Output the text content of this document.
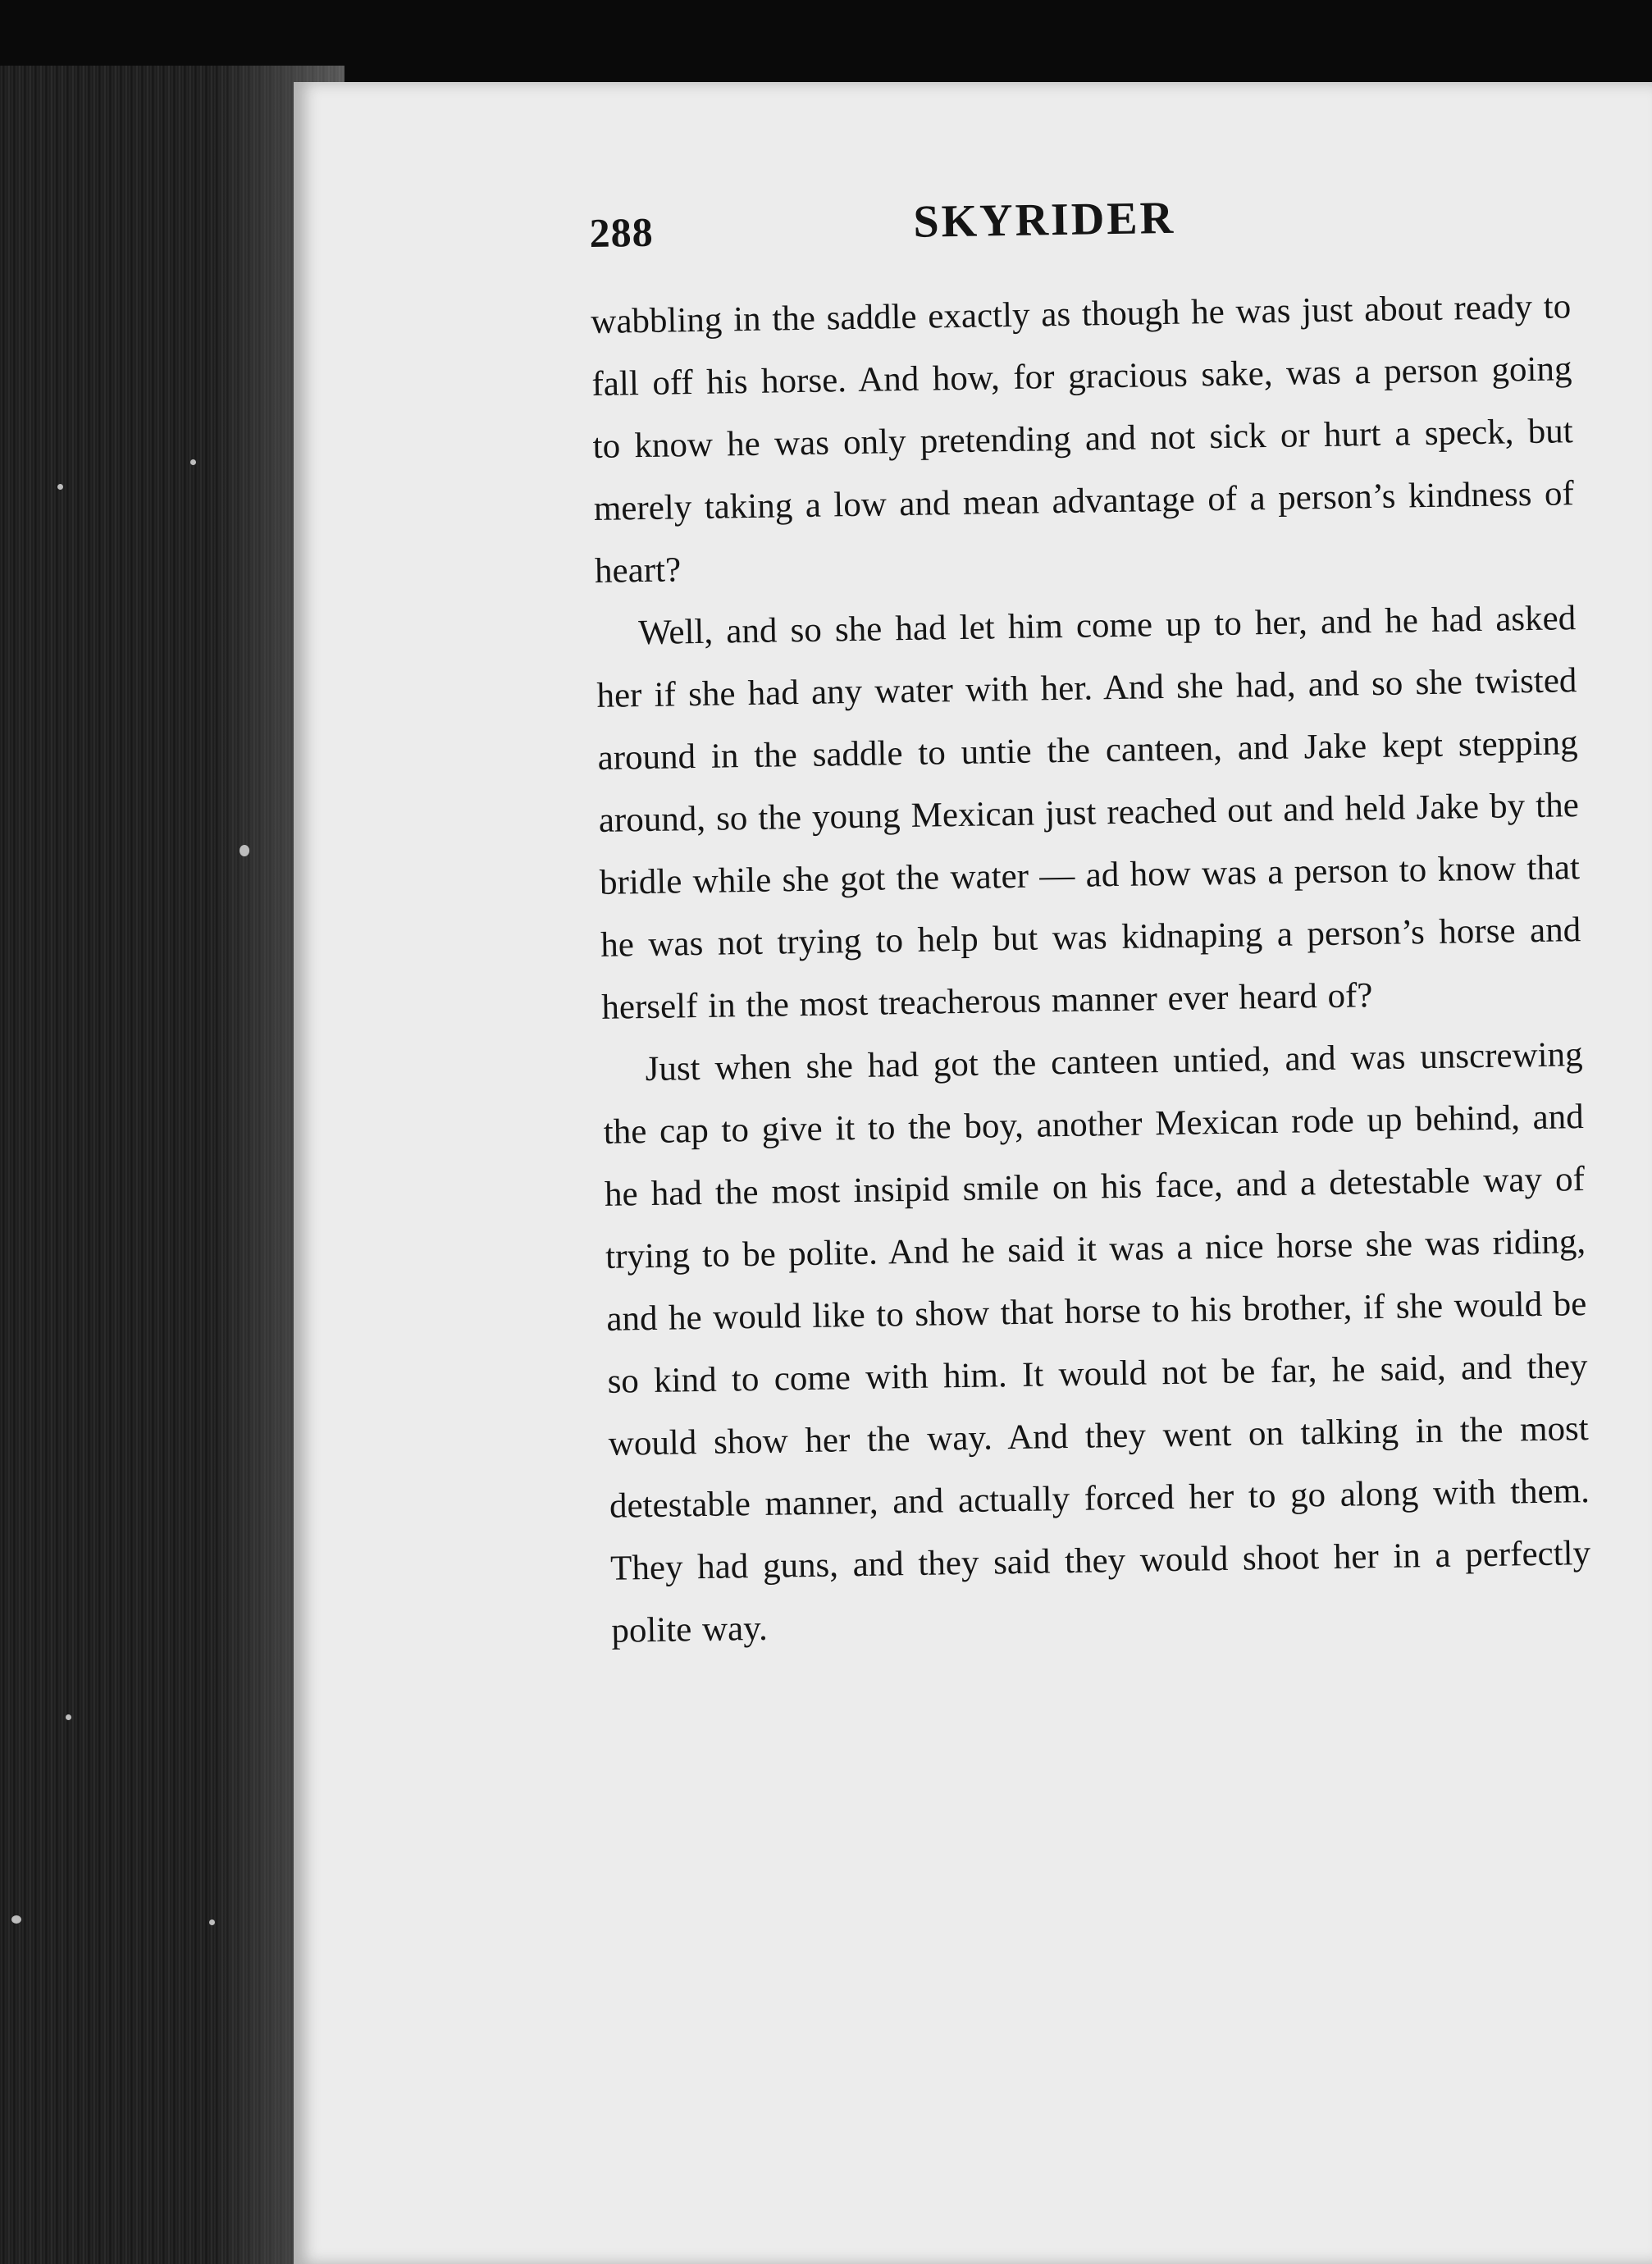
288	SKYRIDER

wabbling in the saddle exactly as though he was just about ready to fall off his horse. And how, for gracious sake, was a person going to know he was only pretending and not sick or hurt a speck, but merely taking a low and mean advantage of a person’s kindness of heart?

Well, and so she had let him come up to her, and he had asked her if she had any water with her. And she had, and so she twisted around in the saddle to untie the canteen, and Jake kept stepping around, so the young Mexican just reached out and held Jake by the bridle while she got the water — ad how was a person to know that he was not trying to help but was kidnaping a person’s horse and herself in the most treacherous manner ever heard of?

Just when she had got the canteen untied, and was unscrewing the cap to give it to the boy, another Mexican rode up behind, and he had the most insipid smile on his face, and a detestable way of trying to be polite. And he said it was a nice horse she was riding, and he would like to show that horse to his brother, if she would be so kind to come with him. It would not be far, he said, and they would show her the way. And they went on talking in the most detestable manner, and actually forced her to go along with them. They had guns, and they said they would shoot her in a perfectly polite way.
